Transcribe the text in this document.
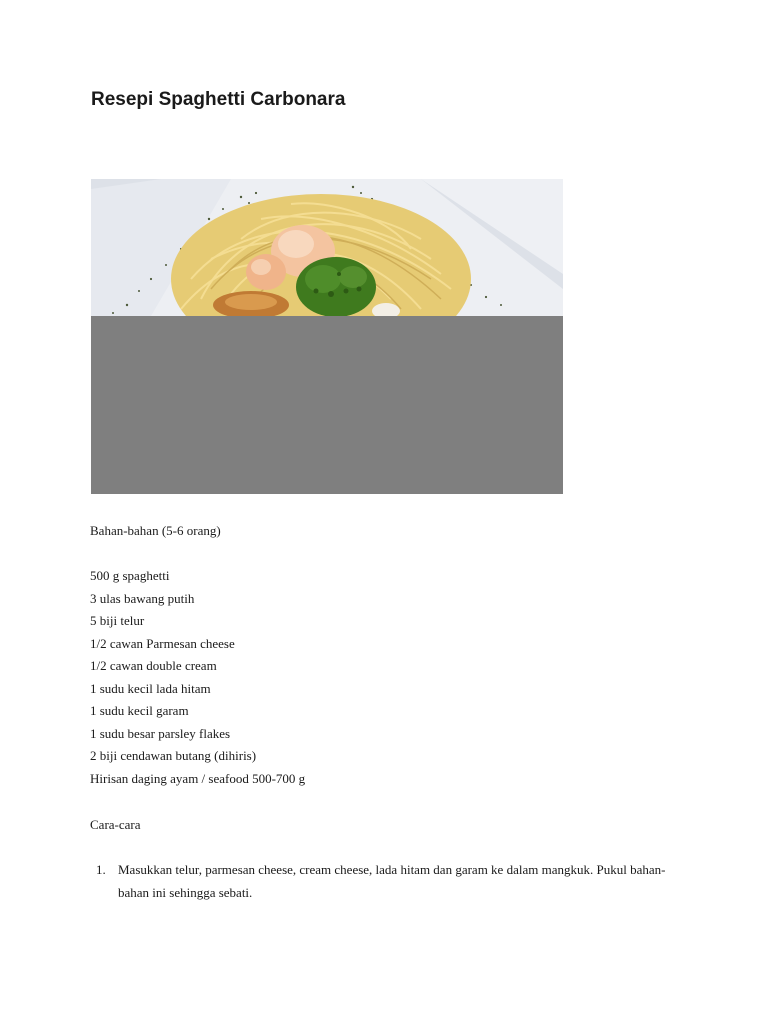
Resepi Spaghetti Carbonara

Bahan-bahan (5-6 orang)

500 g spaghetti
3 ulas bawang putih
5 biji telur
1/2 cawan Parmesan cheese
1/2 cawan double cream
1 sudu kecil lada hitam
1 sudu kecil garam
1 sudu besar parsley flakes
2 biji cendawan butang (dihiris)
Hirisan daging ayam / seafood 500-700 g

Cara-cara

1. Masukkan telur, parmesan cheese, cream cheese, lada hitam dan garam ke dalam mangkuk. Pukul bahan-bahan ini sehingga sebati.
